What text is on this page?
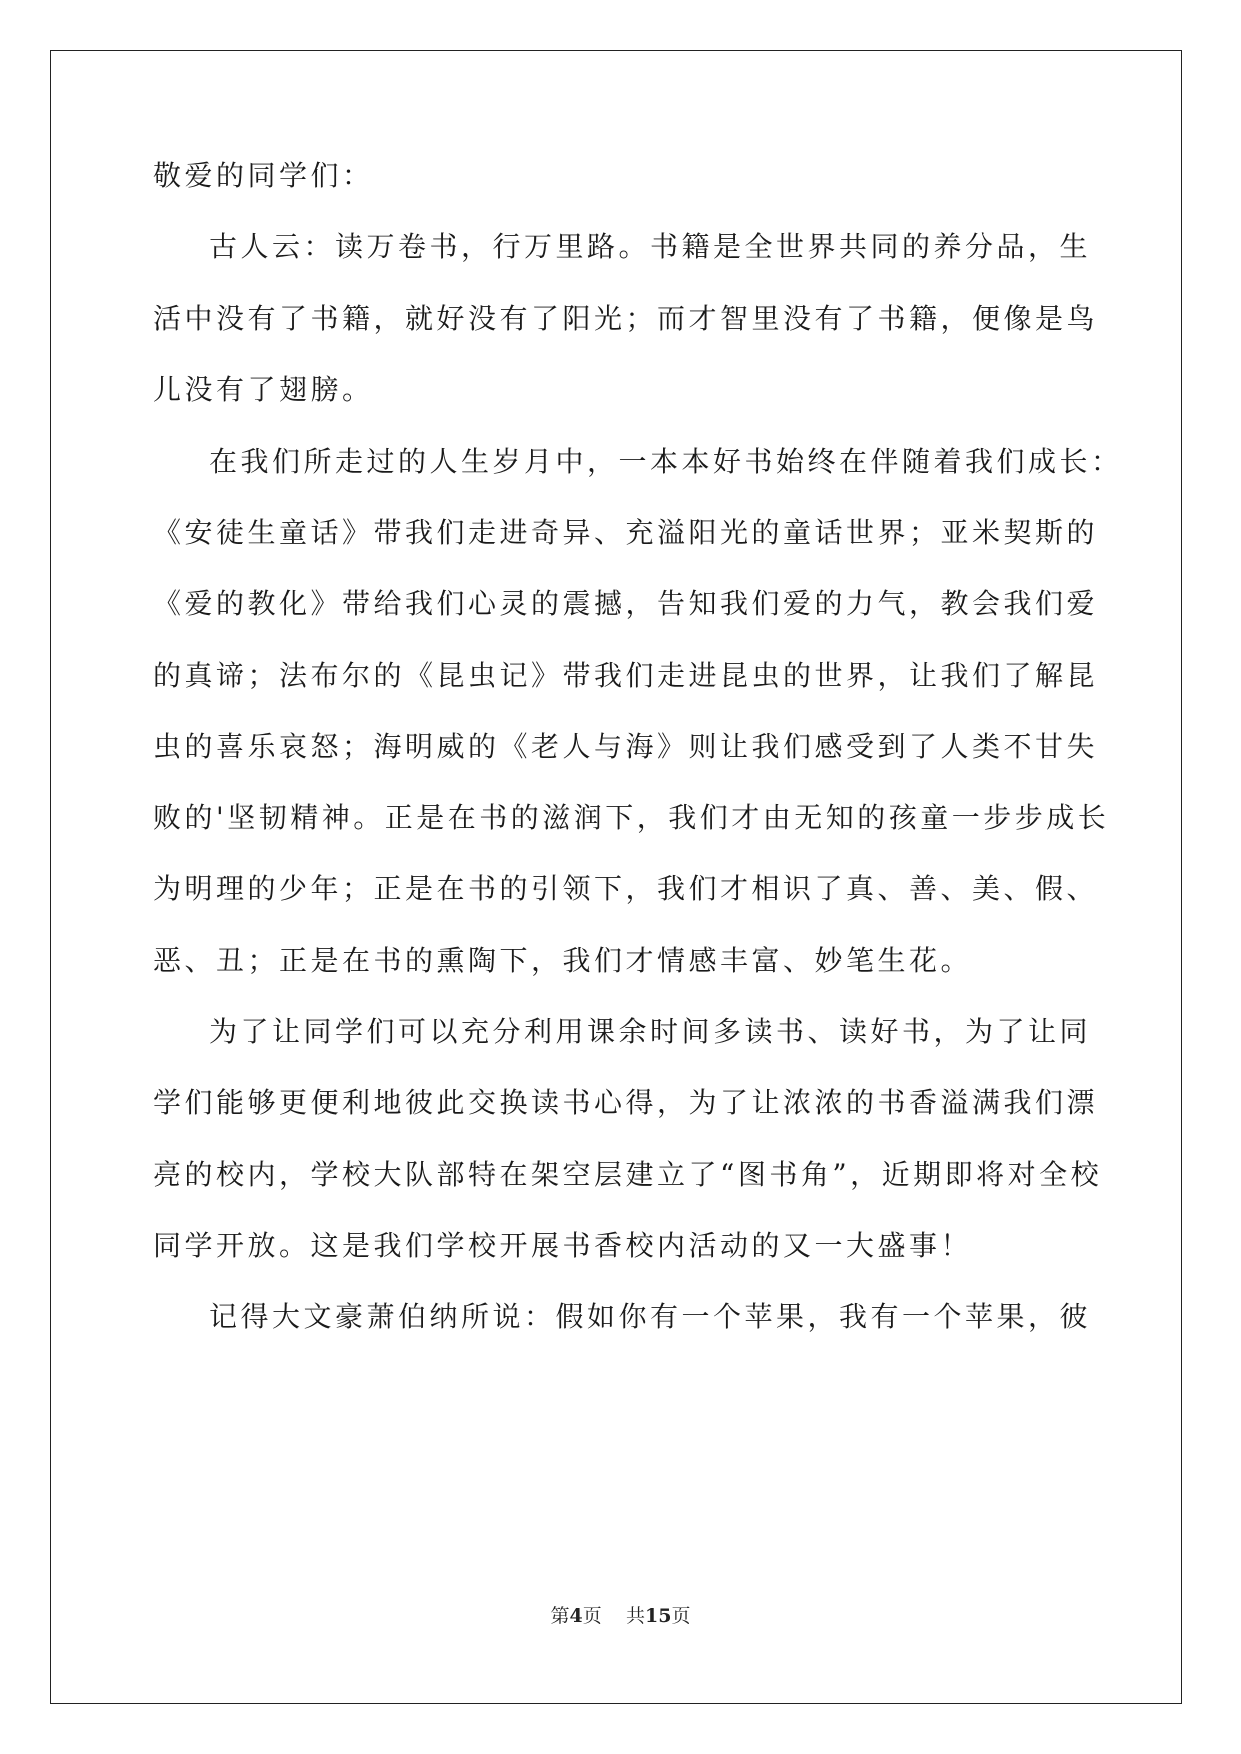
敬爱的同学们：
古人云：读万卷书，行万里路。书籍是全世界共同的养分品，生
活中没有了书籍，就好没有了阳光；而才智里没有了书籍，便像是鸟
儿没有了翅膀。
在我们所走过的人生岁月中，一本本好书始终在伴随着我们成长：
《安徒生童话》带我们走进奇异、充溢阳光的童话世界；亚米契斯的
《爱的教化》带给我们心灵的震撼，告知我们爱的力气，教会我们爱
的真谛；法布尔的《昆虫记》带我们走进昆虫的世界，让我们了解昆
虫的喜乐哀怒；海明威的《老人与海》则让我们感受到了人类不甘失
败的'坚韧精神。正是在书的滋润下，我们才由无知的孩童一步步成长
为明理的少年；正是在书的引领下，我们才相识了真、善、美、假、
恶、丑；正是在书的熏陶下，我们才情感丰富、妙笔生花。
为了让同学们可以充分利用课余时间多读书、读好书，为了让同
学们能够更便利地彼此交换读书心得，为了让浓浓的书香溢满我们漂
亮的校内，学校大队部特在架空层建立了“图书角”，近期即将对全校
同学开放。这是我们学校开展书香校内活动的又一大盛事！
记得大文豪萧伯纳所说：假如你有一个苹果，我有一个苹果，彼
第4页 共15页
